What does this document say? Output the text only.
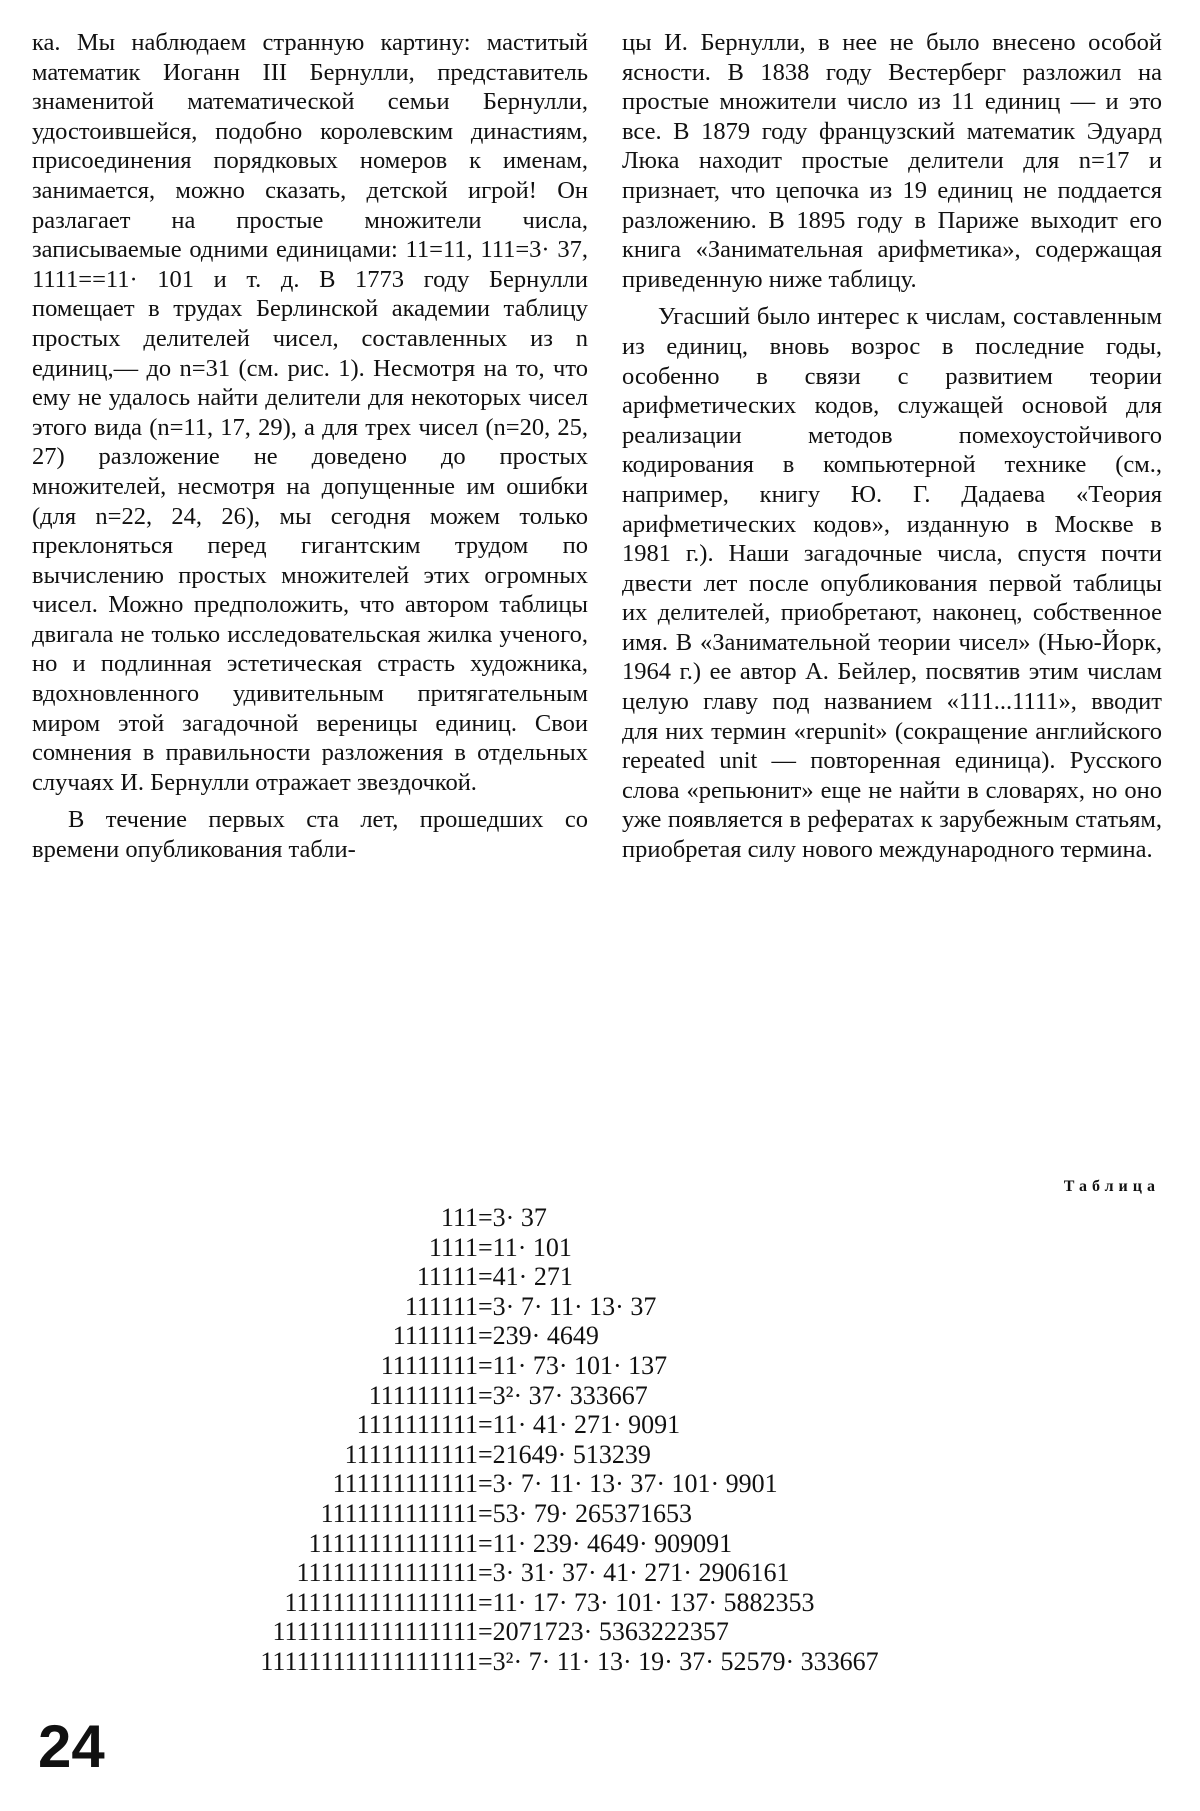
ка. Мы наблюдаем странную картину: маститый математик Иоганн III Бернулли, представитель знаменитой математической семьи Бернулли, удостоившейся, подобно королевским династиям, присоединения порядковых номеров к именам, занимается, можно сказать, детской игрой! Он разлагает на простые множители числа, записываемые одними единицами: 11=11, 111=3· 37, 1111==11· 101 и т. д. В 1773 году Бернулли помещает в трудах Берлинской академии таблицу простых делителей чисел, составленных из n единиц,— до n=31 (см. рис. 1). Несмотря на то, что ему не удалось найти делители для некоторых чисел этого вида (n=11, 17, 29), а для трех чисел (n=20, 25, 27) разложение не доведено до простых множителей, несмотря на допущенные им ошибки (для n=22, 24, 26), мы сегодня можем только преклоняться перед гигантским трудом по вычислению простых множителей этих огромных чисел. Можно предположить, что автором таблицы двигала не только исследовательская жилка ученого, но и подлинная эстетическая страсть художника, вдохновленного удивительным притягательным миром этой загадочной вереницы единиц. Свои сомнения в правильности разложения в отдельных случаях И. Бернулли отражает звездочкой.

В течение первых ста лет, прошедших со времени опубликования табли-

цы И. Бернулли, в нее не было внесено особой ясности. В 1838 году Вестерберг разложил на простые множители число из 11 единиц — и это все. В 1879 году французский математик Эдуард Люка находит простые делители для n=17 и признает, что цепочка из 19 единиц не поддается разложению. В 1895 году в Париже выходит его книга «Занимательная арифметика», содержащая приведенную ниже таблицу.

Угасший было интерес к числам, составленным из единиц, вновь возрос в последние годы, особенно в связи с развитием теории арифметических кодов, служащей основой для реализации методов помехоустойчивого кодирования в компьютерной технике (см., например, книгу Ю. Г. Дадаева «Теория арифметических кодов», изданную в Москве в 1981 г.). Наши загадочные числа, спустя почти двести лет после опубликования первой таблицы их делителей, приобретают, наконец, собственное имя. В «Занимательной теории чисел» (Нью-Йорк, 1964 г.) ее автор А. Бейлер, посвятив этим числам целую главу под названием «111...1111», вводит для них термин «repunit» (сокращение английского repeated unit — повторенная единица). Русского слова «репьюнит» еще не найти в словарях, но оно уже появляется в рефератах к зарубежным статьям, приобретая силу нового международного термина.

Таблица
111 =3· 37
1111 =11· 101
11111 =41· 271
111111 =3· 7· 11· 13· 37
1111111 =239· 4649
11111111 =11· 73· 101· 137
111111111 =3²· 37· 333667
1111111111 =11· 41· 271· 9091
11111111111 =21649· 513239
111111111111 =3· 7· 11· 13· 37· 101· 9901
1111111111111 =53· 79· 265371653
11111111111111 =11· 239· 4649· 909091
111111111111111 =3· 31· 37· 41· 271· 2906161
1111111111111111 =11· 17· 73· 101· 137· 5882353
11111111111111111 =2071723· 5363222357
111111111111111111 =3²· 7· 11· 13· 19· 37· 52579· 333667
24
